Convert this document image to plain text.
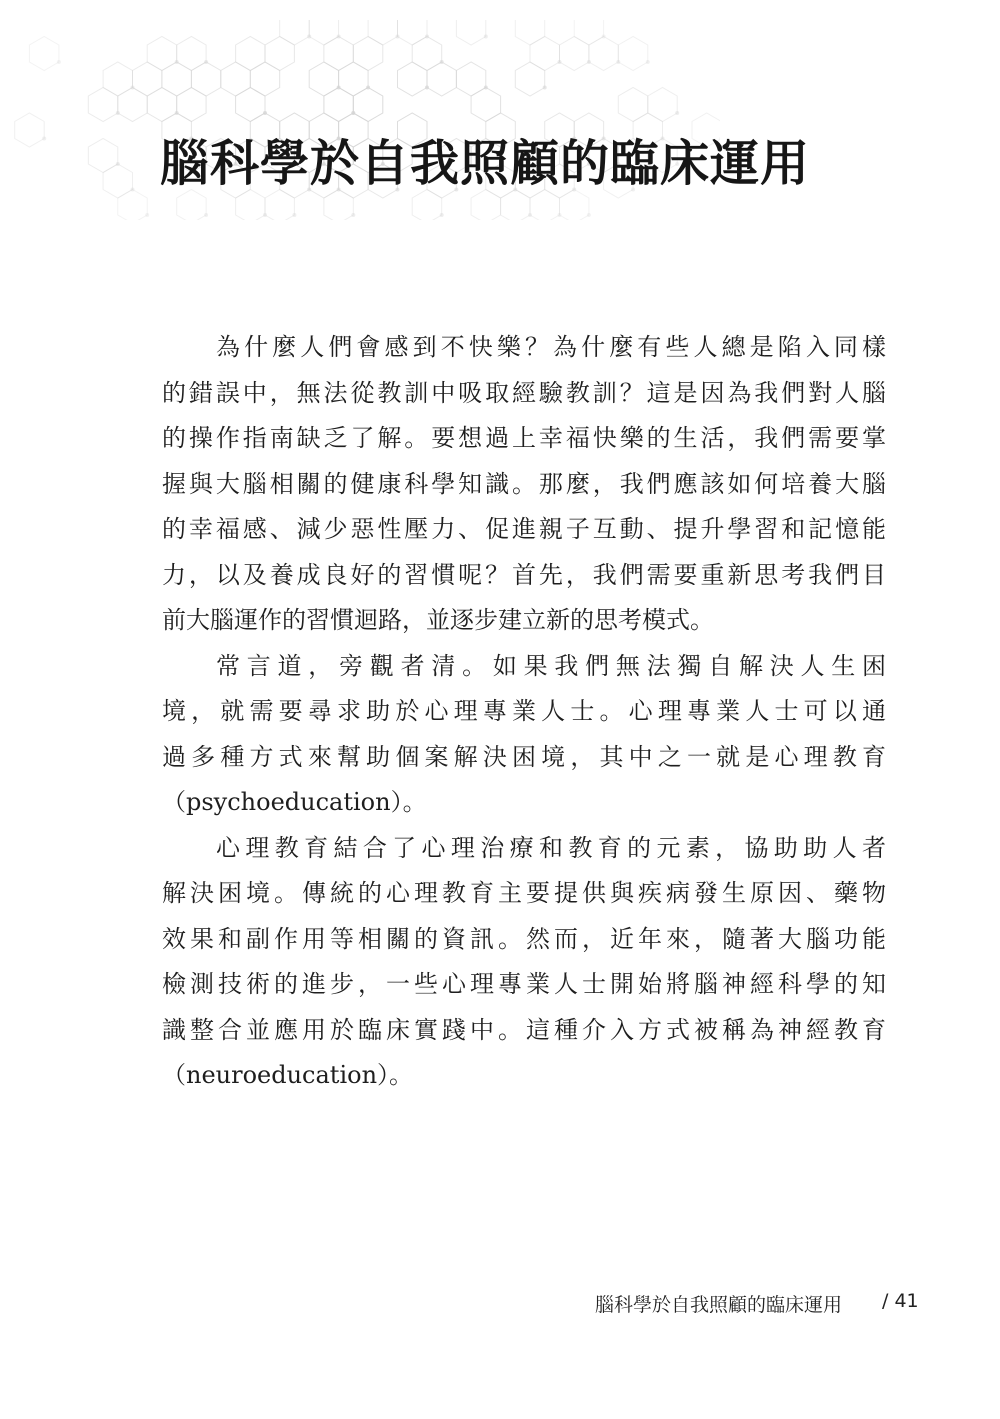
腦科學於自我照顧的臨床運用
為什麼人們會感到不快樂？為什麼有些人總是陷入同樣
的錯誤中，無法從教訓中吸取經驗教訓？這是因為我們對人腦
的操作指南缺乏了解。要想過上幸福快樂的生活，我們需要掌
握與大腦相關的健康科學知識。那麼，我們應該如何培養大腦
的幸福感、減少惡性壓力、促進親子互動、提升學習和記憶能
力，以及養成良好的習慣呢？首先，我們需要重新思考我們目
前大腦運作的習慣迴路，並逐步建立新的思考模式。
常言道，旁觀者清。如果我們無法獨自解決人生困
境，就需要尋求助於心理專業人士。心理專業人士可以通
過多種方式來幫助個案解決困境，其中之一就是心理教育
（psychoeducation）。
心理教育結合了心理治療和教育的元素，協助助人者
解決困境。傳統的心理教育主要提供與疾病發生原因、藥物
效果和副作用等相關的資訊。然而，近年來，隨著大腦功能
檢測技術的進步，一些心理專業人士開始將腦神經科學的知
識整合並應用於臨床實踐中。這種介入方式被稱為神經教育
（neuroeducation）。
腦科學於自我照顧的臨床運用 / 41
